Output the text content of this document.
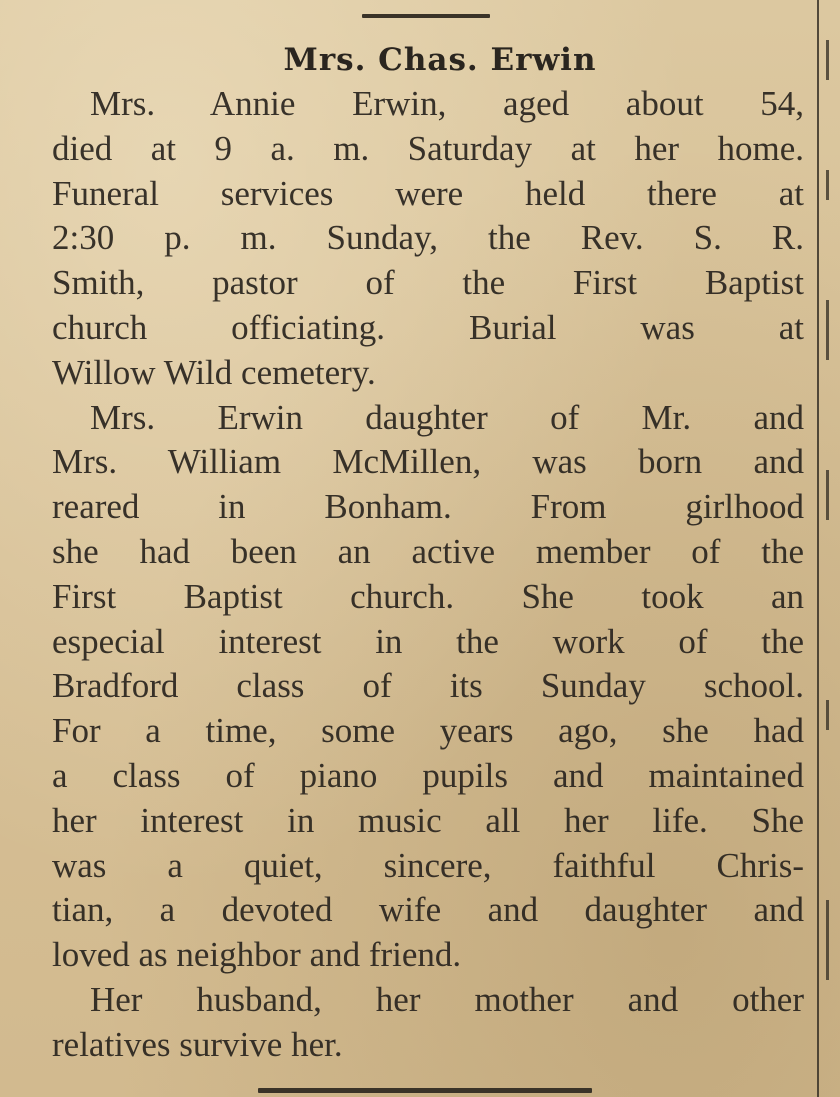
Mrs. Chas. Erwin
Mrs. Annie Erwin, aged about 54,
died at 9 a. m. Saturday at her home.
Funeral services were held there at
2:30 p. m. Sunday, the Rev. S. R.
Smith, pastor of the First Baptist
church officiating. Burial was at
Willow Wild cemetery.
Mrs. Erwin daughter of Mr. and
Mrs. William McMillen, was born and
reared in Bonham. From girlhood
she had been an active member of the
First Baptist church. She took an
especial interest in the work of the
Bradford class of its Sunday school.
For a time, some years ago, she had
a class of piano pupils and maintained
her interest in music all her life. She
was a quiet, sincere, faithful Chris-
tian, a devoted wife and daughter and
loved as neighbor and friend.
Her husband, her mother and other
relatives survive her.
